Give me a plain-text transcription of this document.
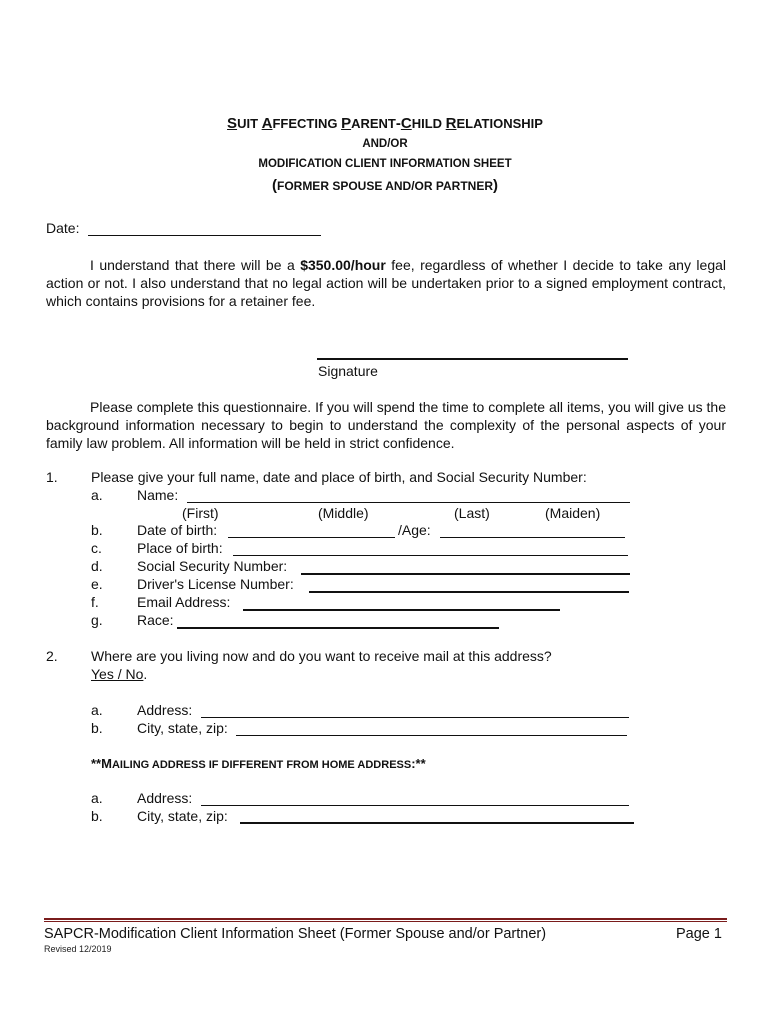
SUIT AFFECTING PARENT-CHILD RELATIONSHIP
AND/OR
MODIFICATION CLIENT INFORMATION SHEET
(FORMER SPOUSE AND/OR PARTNER)
Date:
I understand that there will be a $350.00/hour fee, regardless of whether I decide to take any legal action or not. I also understand that no legal action will be undertaken prior to a signed employment contract, which contains provisions for a retainer fee.
Signature
Please complete this questionnaire. If you will spend the time to complete all items, you will give us the background information necessary to begin to understand the complexity of the personal aspects of your family law problem. All information will be held in strict confidence.
1. Please give your full name, date and place of birth, and Social Security Number:
a. Name:
(First)	(Middle)	(Last)	(Maiden)
b. Date of birth:	/Age:
c.	Place of birth:
d. Social Security Number:
e. Driver's License Number:
f.	Email Address:
g. Race:
2. Where are you living now and do you want to receive mail at this address?
Yes / No.
a. Address:
b. City, state, zip:
**MAILING ADDRESS IF DIFFERENT FROM HOME ADDRESS:**
a. Address:
b. City, state, zip:
SAPCR-Modification Client Information Sheet (Former Spouse and/or Partner)	Page 1
Revised 12/2019
